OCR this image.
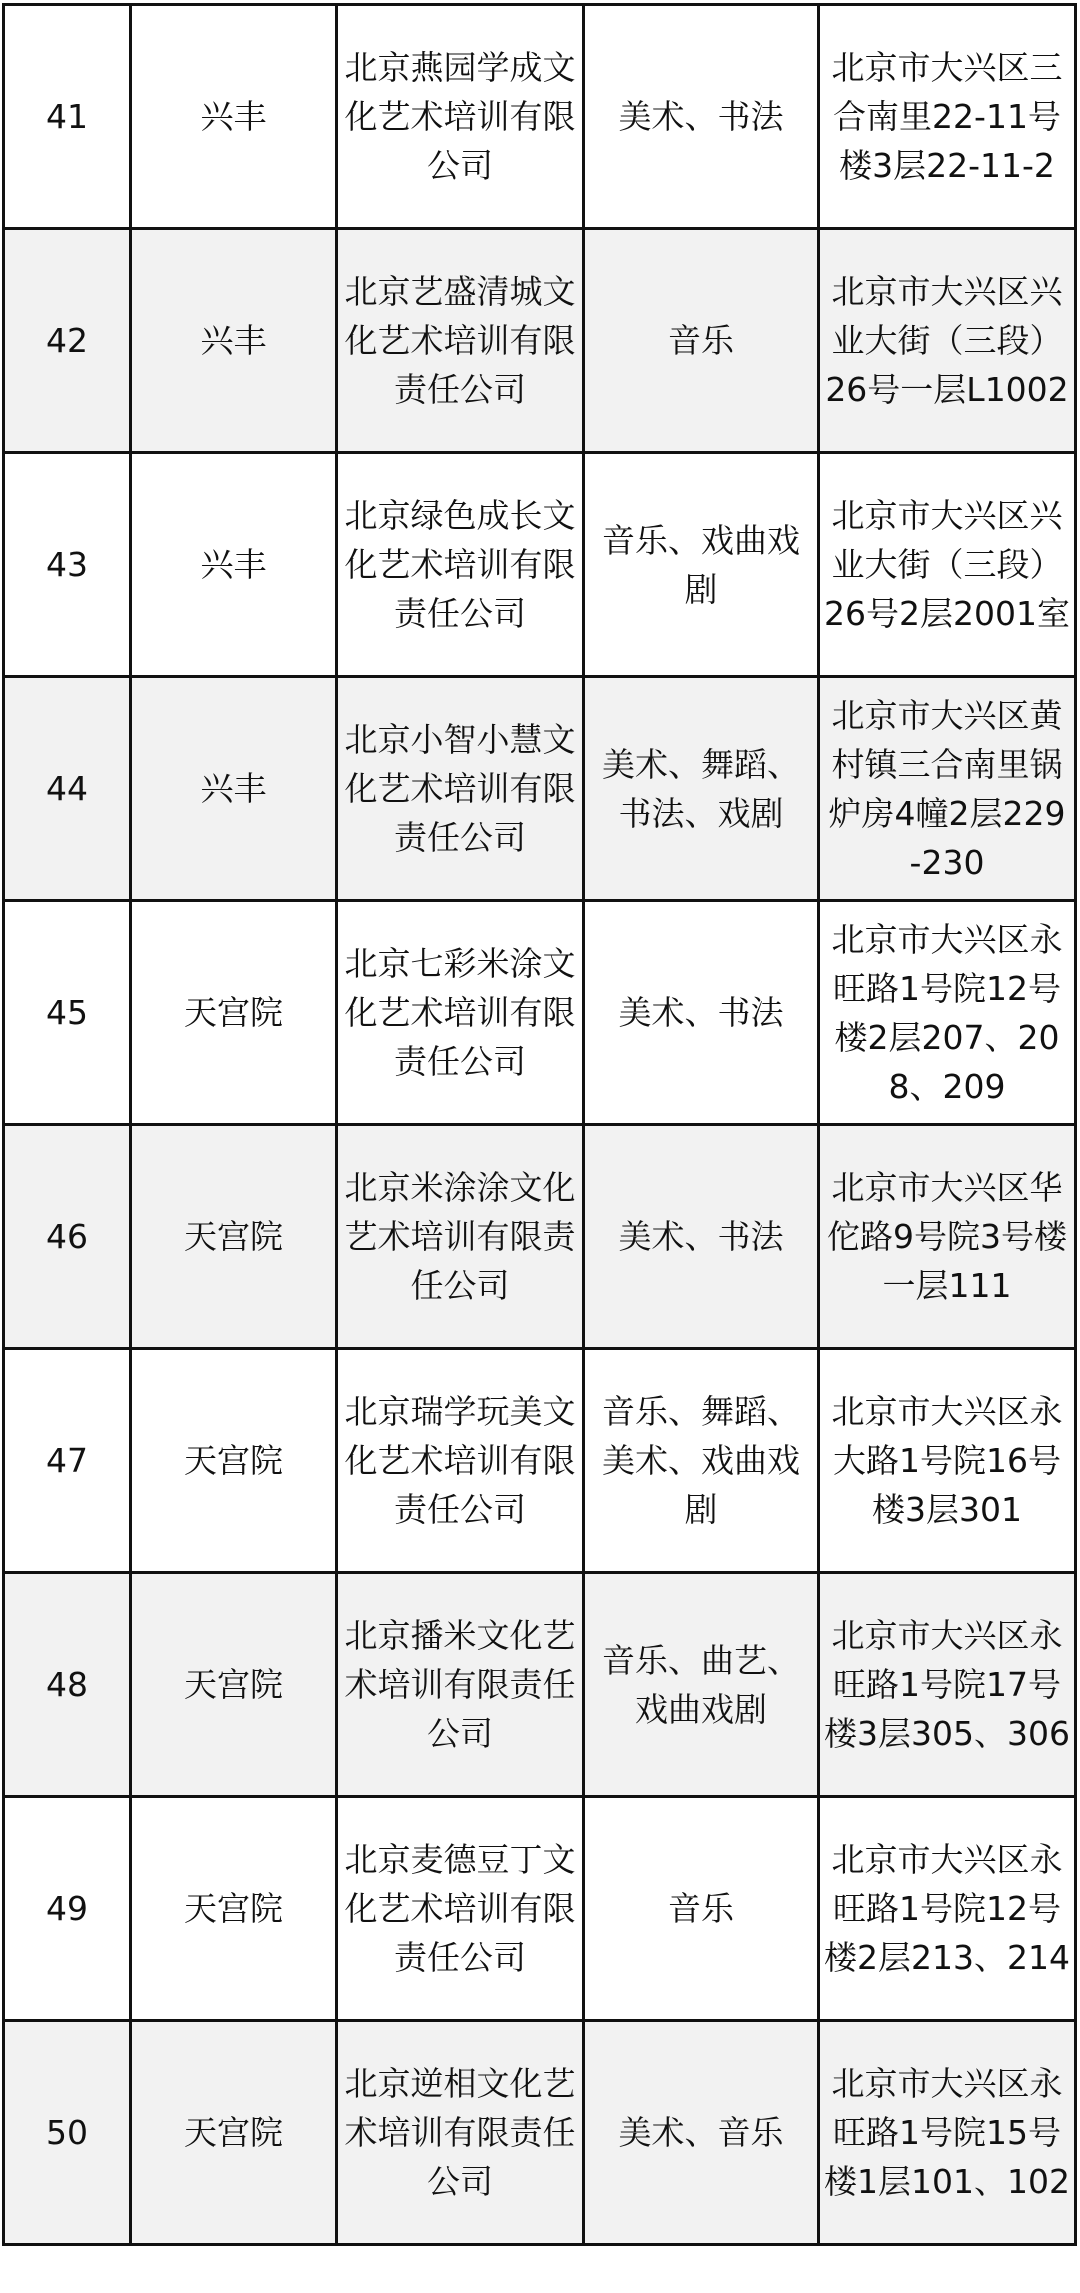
41	兴丰	北京燕园学成文化艺术培训有限公司	美术、书法	北京市大兴区三合南里22-11号楼3层22-11-2
42	兴丰	北京艺盛清城文化艺术培训有限责任公司	音乐	北京市大兴区兴业大街（三段）26号一层L1002
43	兴丰	北京绿色成长文化艺术培训有限责任公司	音乐、戏曲戏剧	北京市大兴区兴业大街（三段）26号2层2001室
44	兴丰	北京小智小慧文化艺术培训有限责任公司	美术、舞蹈、书法、戏剧	北京市大兴区黄村镇三合南里锅炉房4幢2层229-230
45	天宫院	北京七彩米涂文化艺术培训有限责任公司	美术、书法	北京市大兴区永旺路1号院12号楼2层207、208、209
46	天宫院	北京米涂涂文化艺术培训有限责任公司	美术、书法	北京市大兴区华佗路9号院3号楼一层111
47	天宫院	北京瑞学玩美文化艺术培训有限责任公司	音乐、舞蹈、美术、戏曲戏剧	北京市大兴区永大路1号院16号楼3层301
48	天宫院	北京播米文化艺术培训有限责任公司	音乐、曲艺、戏曲戏剧	北京市大兴区永旺路1号院17号楼3层305、306
49	天宫院	北京麦德豆丁文化艺术培训有限责任公司	音乐	北京市大兴区永旺路1号院12号楼2层213、214
50	天宫院	北京逆相文化艺术培训有限责任公司	美术、音乐	北京市大兴区永旺路1号院15号楼1层101、102
